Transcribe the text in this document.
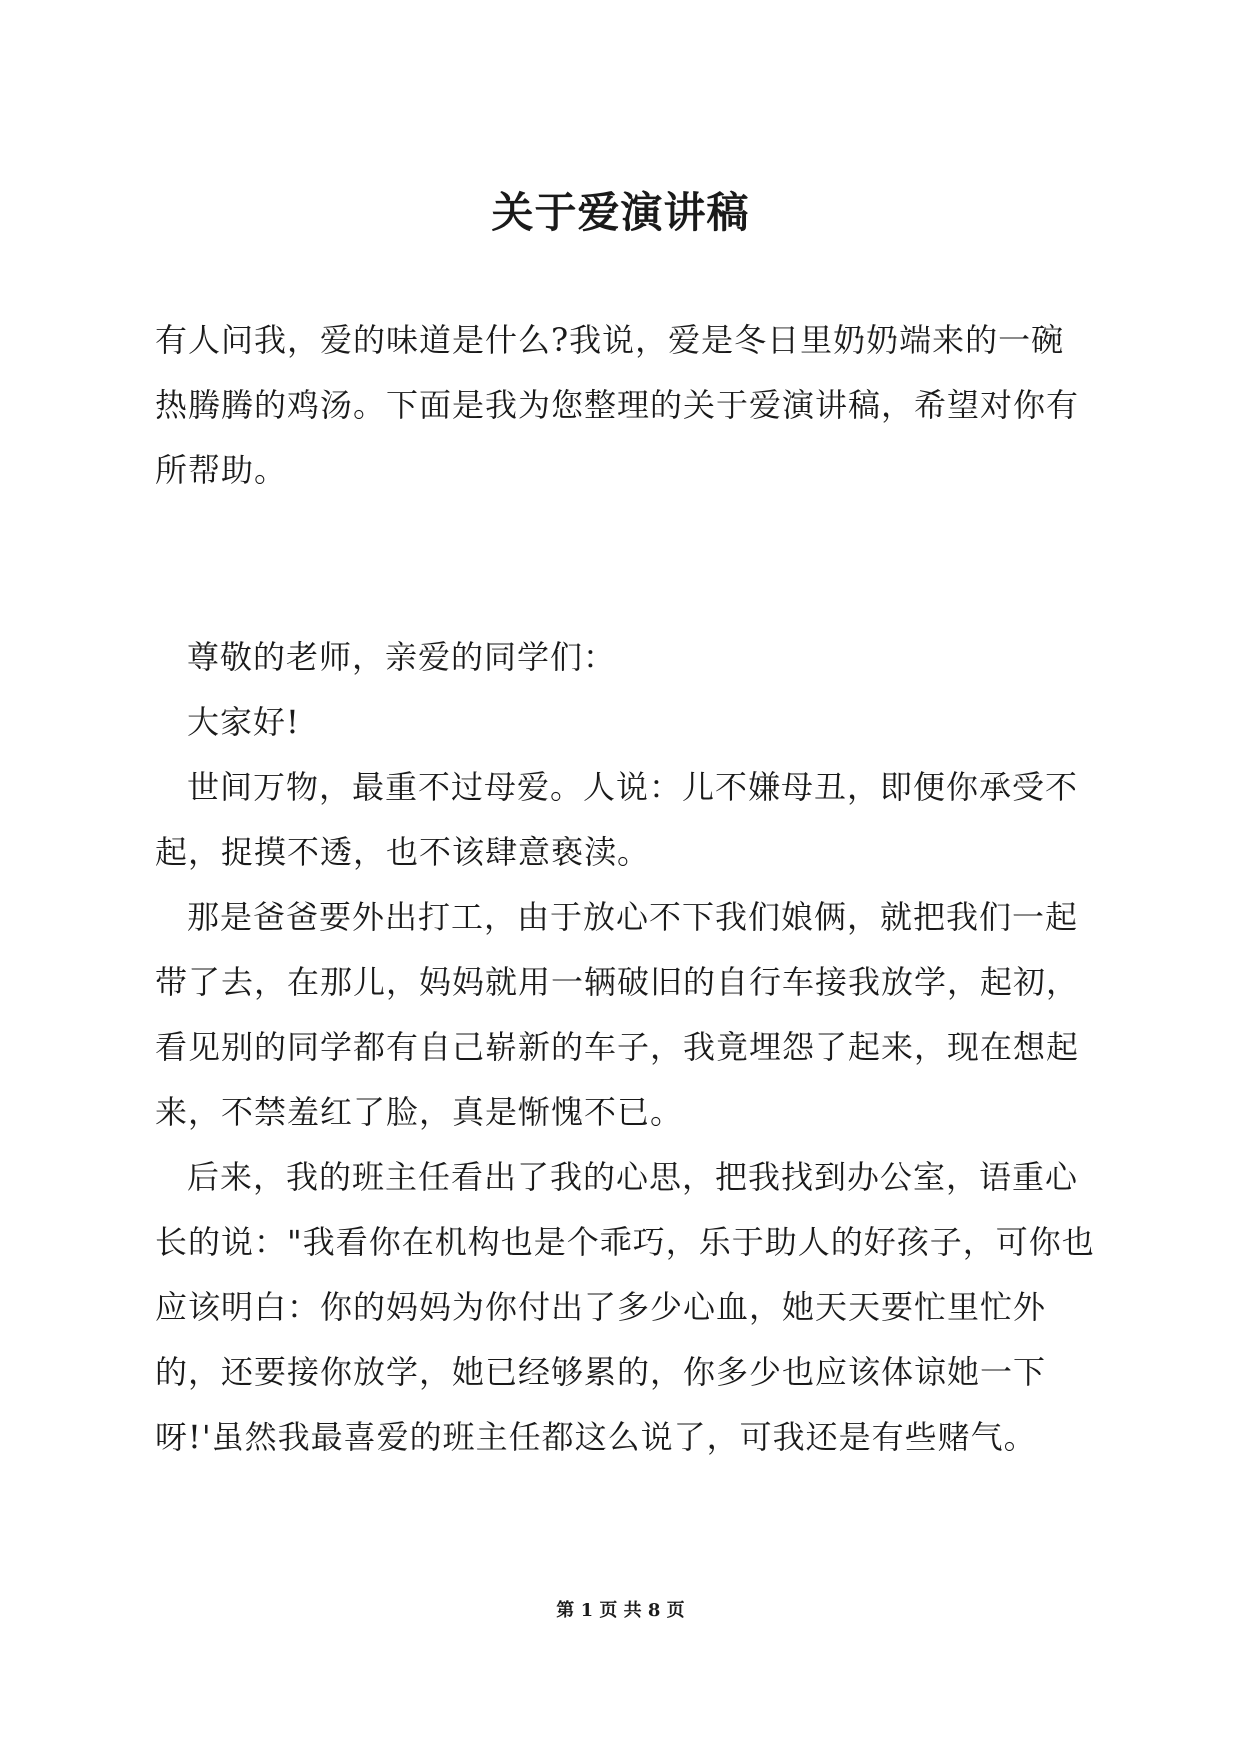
关于爱演讲稿

有人问我，爱的味道是什么?我说，爱是冬日里奶奶端来的一碗热腾腾的鸡汤。下面是我为您整理的关于爱演讲稿，希望对你有所帮助。

尊敬的老师，亲爱的同学们：

大家好!

世间万物，最重不过母爱。人说：儿不嫌母丑，即便你承受不起，捉摸不透，也不该肆意亵渎。

那是爸爸要外出打工，由于放心不下我们娘俩，就把我们一起带了去，在那儿，妈妈就用一辆破旧的自行车接我放学，起初，看见别的同学都有自己崭新的车子，我竟埋怨了起来，现在想起来，不禁羞红了脸，真是惭愧不已。

后来，我的班主任看出了我的心思，把我找到办公室，语重心长的说："我看你在机构也是个乖巧，乐于助人的好孩子，可你也应该明白：你的妈妈为你付出了多少心血，她天天要忙里忙外的，还要接你放学，她已经够累的，你多少也应该体谅她一下呀!'虽然我最喜爱的班主任都这么说了，可我还是有些赌气。

第 1 页 共 8 页
